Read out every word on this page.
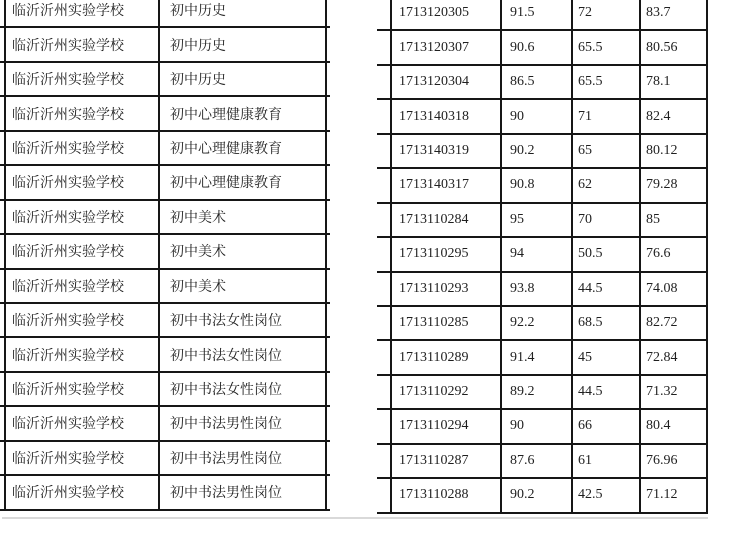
临沂沂州实验学校	初中历史
临沂沂州实验学校	初中历史
临沂沂州实验学校	初中历史
临沂沂州实验学校	初中心理健康教育
临沂沂州实验学校	初中心理健康教育
临沂沂州实验学校	初中心理健康教育
临沂沂州实验学校	初中美术
临沂沂州实验学校	初中美术
临沂沂州实验学校	初中美术
临沂沂州实验学校	初中书法女性岗位
临沂沂州实验学校	初中书法女性岗位
临沂沂州实验学校	初中书法女性岗位
临沂沂州实验学校	初中书法男性岗位
临沂沂州实验学校	初中书法男性岗位
临沂沂州实验学校	初中书法男性岗位
1713120305	91.5	72	83.7
1713120307	90.6	65.5	80.56
1713120304	86.5	65.5	78.1
1713140318	90	71	82.4
1713140319	90.2	65	80.12
1713140317	90.8	62	79.28
1713110284	95	70	85
1713110295	94	50.5	76.6
1713110293	93.8	44.5	74.08
1713110285	92.2	68.5	82.72
1713110289	91.4	45	72.84
1713110292	89.2	44.5	71.32
1713110294	90	66	80.4
1713110287	87.6	61	76.96
1713110288	90.2	42.5	71.12
